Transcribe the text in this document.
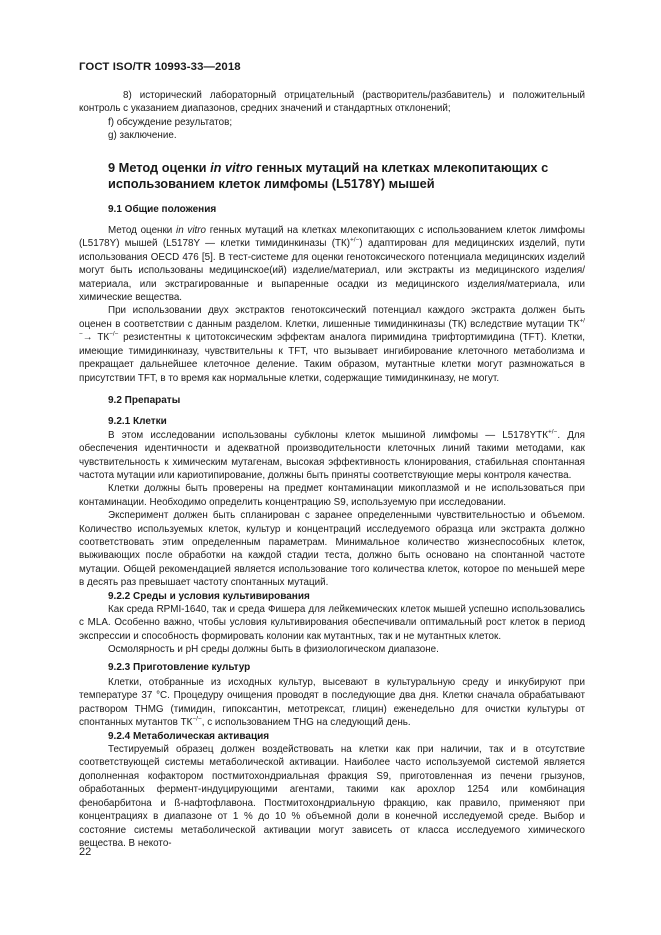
ГОСТ ISO/TR 10993-33—2018

8) исторический лабораторный отрицательный (растворитель/разбавитель) и положительный контроль с указанием диапазонов, средних значений и стандартных отклонений;

f) обсуждение результатов;

g) заключение.

9 Метод оценки in vitro генных мутаций на клетках млекопитающих с использованием клеток лимфомы (L5178Y) мышей
9.1 Общие положения

Метод оценки in vitro генных мутаций на клетках млекопитающих с использованием клеток лимфомы (L5178Y) мышей (L5178Y — клетки тимидинкиназы (ТК)+/−) адаптирован для медицинских изделий, пути использования OECD 476 [5]. В тест-системе для оценки генотоксического потенциала медицинских изделий могут быть использованы медицинское(ий) изделие/материал, или экстракты из медицинского изделия/материала, или экстрагированные и выпаренные осадки из медицинского изделия/материала, или химические вещества.

При использовании двух экстрактов генотоксический потенциал каждого экстракта должен быть оценен в соответствии с данным разделом. Клетки, лишенные тимидинкиназы (ТК) вследствие мутации ТК+/−→ ТК−/− резистентны к цитотоксическим эффектам аналога пиримидина трифтортимидина (TFT). Клетки, имеющие тимидинкиназу, чувствительны к TFT, что вызывает ингибирование клеточного метаболизма и прекращает дальнейшее клеточное деление. Таким образом, мутантные клетки могут размножаться в присутствии TFT, в то время как нормальные клетки, содержащие тимидинкиназу, не могут.

9.2 Препараты
9.2.1 Клетки

В этом исследовании использованы субклоны клеток мышиной лимфомы — L5178YТК+/−. Для обеспечения идентичности и адекватной производительности клеточных линий такими методами, как чувствительность к химическим мутагенам, высокая эффективность клонирования, стабильная спонтанная частота мутации или кариотипирование, должны быть приняты соответствующие меры контроля качества.

Клетки должны быть проверены на предмет контаминации микоплазмой и не использоваться при контаминации. Необходимо определить концентрацию S9, используемую при исследовании.

Эксперимент должен быть спланирован с заранее определенными чувствительностью и объемом. Количество используемых клеток, культур и концентраций исследуемого образца или экстракта должно соответствовать этим определенным параметрам. Минимальное количество жизнеспособных клеток, выживающих после обработки на каждой стадии теста, должно быть основано на спонтанной частоте мутации. Общей рекомендацией является использование того количества клеток, которое по меньшей мере в десять раз превышает частоту спонтанных мутаций.

9.2.2 Среды и условия культивирования

Как среда RPMI-1640, так и среда Фишера для лейкемических клеток мышей успешно использовались с MLA. Особенно важно, чтобы условия культивирования обеспечивали оптимальный рост клеток в период экспрессии и способность формировать колонии как мутантных, так и не мутантных клеток.

Осмолярность и pH среды должны быть в физиологическом диапазоне.

9.2.3 Приготовление культур

Клетки, отобранные из исходных культур, высевают в культуральную среду и инкубируют при температуре 37 °C. Процедуру очищения проводят в последующие два дня. Клетки сначала обрабатывают раствором THMG (тимидин, гипоксантин, метотрексат, глицин) еженедельно для очистки культуры от спонтанных мутантов ТК−/−, с использованием THG на следующий день.

9.2.4 Метаболическая активация

Тестируемый образец должен воздействовать на клетки как при наличии, так и в отсутствие соответствующей системы метаболической активации. Наиболее часто используемой системой является дополненная кофактором постмитохондриальная фракция S9, приготовленная из печени грызунов, обработанных фермент-индуцирующими агентами, такими как арохлор 1254 или комбинация фенобарбитона и ß-нафтофлавона. Постмитохондриальную фракцию, как правило, применяют при концентрациях в диапазоне от 1 % до 10 % объемной доли в конечной исследуемой среде. Выбор и состояние системы метаболической активации могут зависеть от класса исследуемого химического вещества. В некото-

22
